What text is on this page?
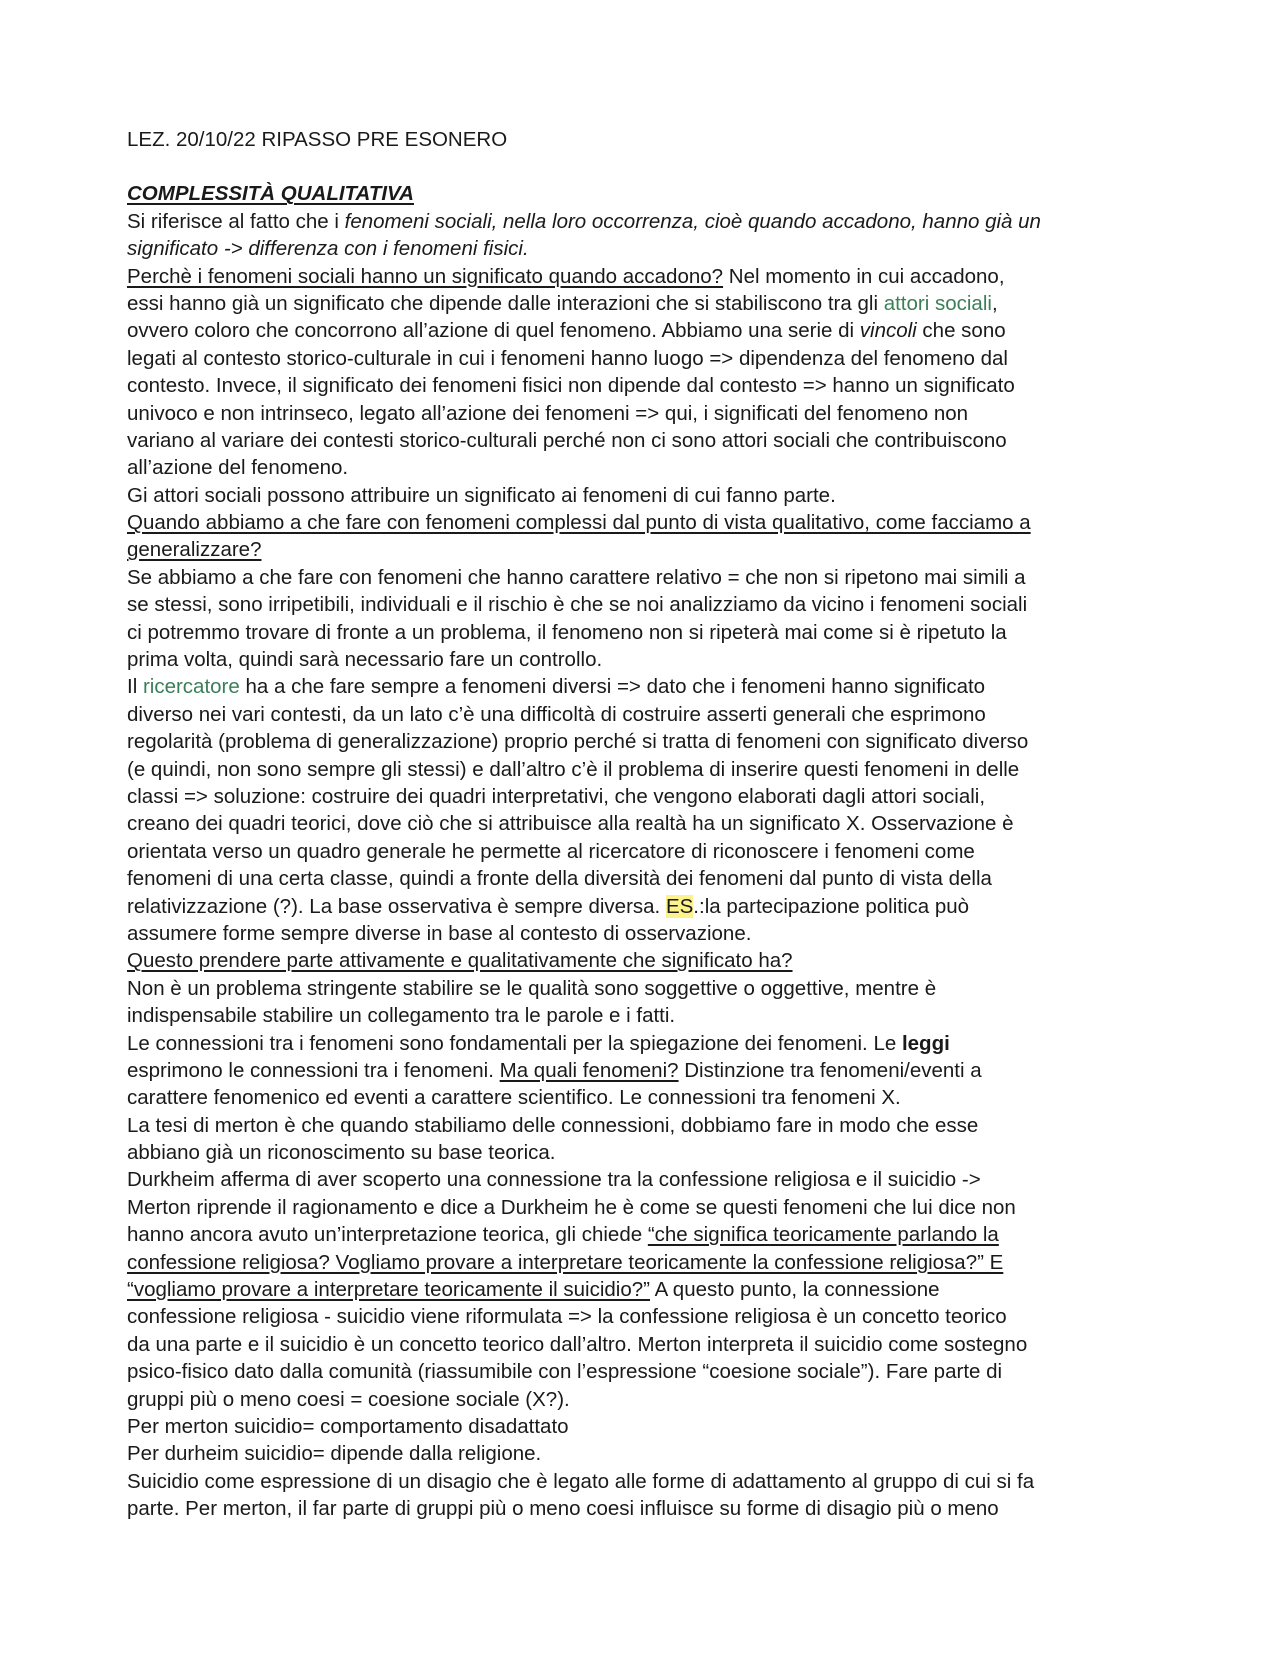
LEZ. 20/10/22 RIPASSO PRE ESONERO
COMPLESSITÀ QUALITATIVA
Si riferisce al fatto che i fenomeni sociali, nella loro occorrenza, cioè quando accadono, hanno già un
significato -> differenza con i fenomeni fisici.
Perchè i fenomeni sociali hanno un significato quando accadono? Nel momento in cui accadono,
essi hanno già un significato che dipende dalle interazioni che si stabiliscono tra gli attori sociali,
ovvero coloro che concorrono all’azione di quel fenomeno. Abbiamo una serie di vincoli che sono
legati al contesto storico-culturale in cui i fenomeni hanno luogo => dipendenza del fenomeno dal
contesto. Invece, il significato dei fenomeni fisici non dipende dal contesto => hanno un significato
univoco e non intrinseco, legato all’azione dei fenomeni => qui, i significati del fenomeno non
variano al variare dei contesti storico-culturali perché non ci sono attori sociali che contribuiscono
all’azione del fenomeno.
Gi attori sociali possono attribuire un significato ai fenomeni di cui fanno parte.
Quando abbiamo a che fare con fenomeni complessi dal punto di vista qualitativo, come facciamo a
generalizzare?
Se abbiamo a che fare con fenomeni che hanno carattere relativo = che non si ripetono mai simili a
se stessi, sono irripetibili, individuali e il rischio è che se noi analizziamo da vicino i fenomeni sociali
ci potremmo trovare di fronte a un problema, il fenomeno non si ripeterà mai come si è ripetuto la
prima volta, quindi sarà necessario fare un controllo.
Il ricercatore ha a che fare sempre a fenomeni diversi => dato che i fenomeni hanno significato
diverso nei vari contesti, da un lato c’è una difficoltà di costruire asserti generali che esprimono
regolarità (problema di generalizzazione) proprio perché si tratta di fenomeni con significato diverso
(e quindi, non sono sempre gli stessi) e dall’altro c’è il problema di inserire questi fenomeni in delle
classi => soluzione: costruire dei quadri interpretativi, che vengono elaborati dagli attori sociali,
creano dei quadri teorici, dove ciò che si attribuisce alla realtà ha un significato X. Osservazione è
orientata verso un quadro generale he permette al ricercatore di riconoscere i fenomeni come
fenomeni di una certa classe, quindi a fronte della diversità dei fenomeni dal punto di vista della
relativizzazione (?). La base osservativa è sempre diversa. ES.:la partecipazione politica può
assumere forme sempre diverse in base al contesto di osservazione.
Questo prendere parte attivamente e qualitativamente che significato ha?
Non è un problema stringente stabilire se le qualità sono soggettive o oggettive, mentre è
indispensabile stabilire un collegamento tra le parole e i fatti.
Le connessioni tra i fenomeni sono fondamentali per la spiegazione dei fenomeni. Le leggi
esprimono le connessioni tra i fenomeni. Ma quali fenomeni? Distinzione tra fenomeni/eventi a
carattere fenomenico ed eventi a carattere scientifico. Le connessioni tra fenomeni X.
La tesi di merton è che quando stabiliamo delle connessioni, dobbiamo fare in modo che esse
abbiano già un riconoscimento su base teorica.
Durkheim afferma di aver scoperto una connessione tra la confessione religiosa e il suicidio ->
Merton riprende il ragionamento e dice a Durkheim he è come se questi fenomeni che lui dice non
hanno ancora avuto un’interpretazione teorica, gli chiede “che significa teoricamente parlando la
confessione religiosa? Vogliamo provare a interpretare teoricamente la confessione religiosa?” E
“vogliamo provare a interpretare teoricamente il suicidio?” A questo punto, la connessione
confessione religiosa - suicidio viene riformulata => la confessione religiosa è un concetto teorico
da una parte e il suicidio è un concetto teorico dall’altro. Merton interpreta il suicidio come sostegno
psico-fisico dato dalla comunità (riassumibile con l’espressione “coesione sociale”). Fare parte di
gruppi più o meno coesi = coesione sociale (X?).
Per merton suicidio= comportamento disadattato
Per durheim suicidio= dipende dalla religione.
Suicidio come espressione di un disagio che è legato alle forme di adattamento al gruppo di cui si fa
parte. Per merton, il far parte di gruppi più o meno coesi influisce su forme di disagio più o meno
